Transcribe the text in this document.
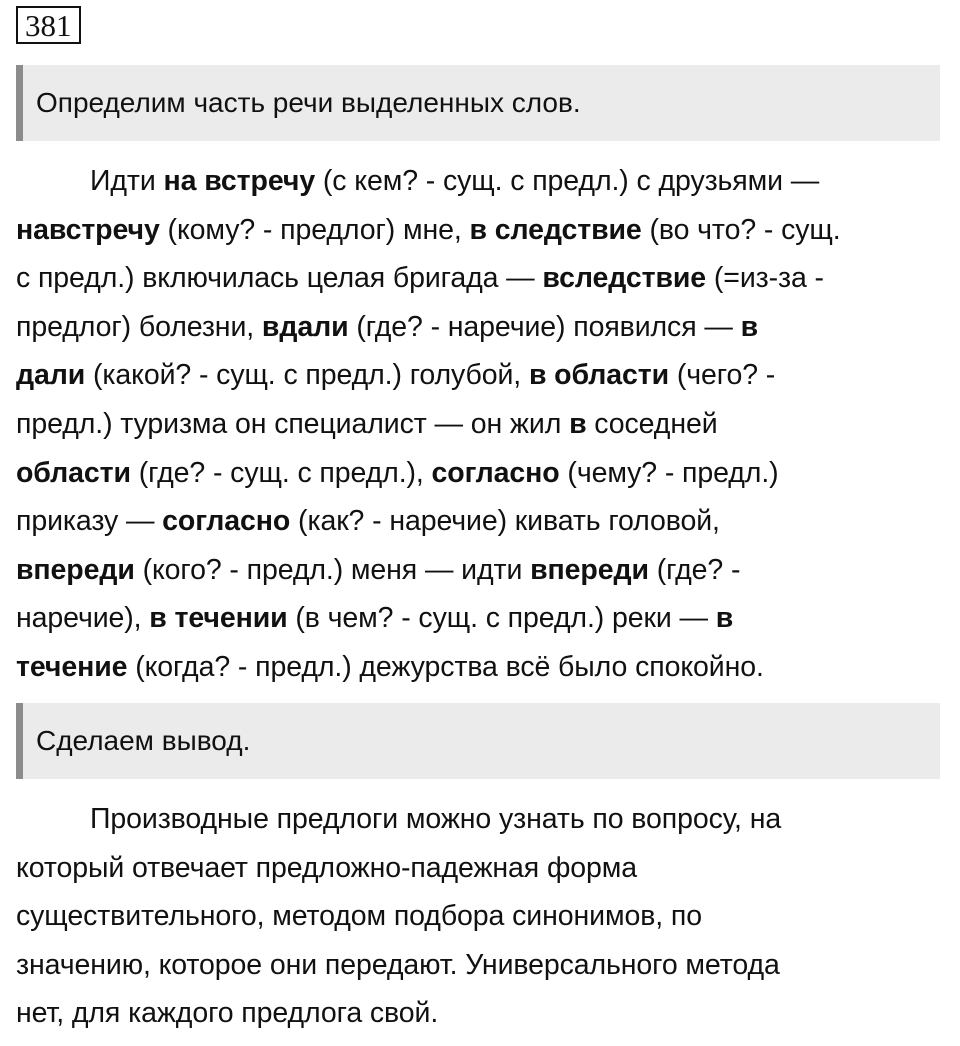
381
Определим часть речи выделенных слов.
Идти на встречу (с кем? - сущ. с предл.) с друзьями —
навстречу (кому? - предлог) мне, в следствие (во что? - сущ.
с предл.) включилась целая бригада — вследствие (=из-за -
предлог) болезни, вдали (где? - наречие) появился — в
дали (какой? - сущ. с предл.) голубой, в области (чего? -
предл.) туризма он специалист — он жил в соседней
области (где? - сущ. с предл.), согласно (чему? - предл.)
приказу — согласно (как? - наречие) кивать головой,
впереди (кого? - предл.) меня — идти впереди (где? -
наречие), в течении (в чем? - сущ. с предл.) реки — в
течение (когда? - предл.) дежурства всё было спокойно.
Сделаем вывод.
Производные предлоги можно узнать по вопросу, на
который отвечает предложно-падежная форма
существительного, методом подбора синонимов, по
значению, которое они передают. Универсального метода
нет, для каждого предлога свой.
